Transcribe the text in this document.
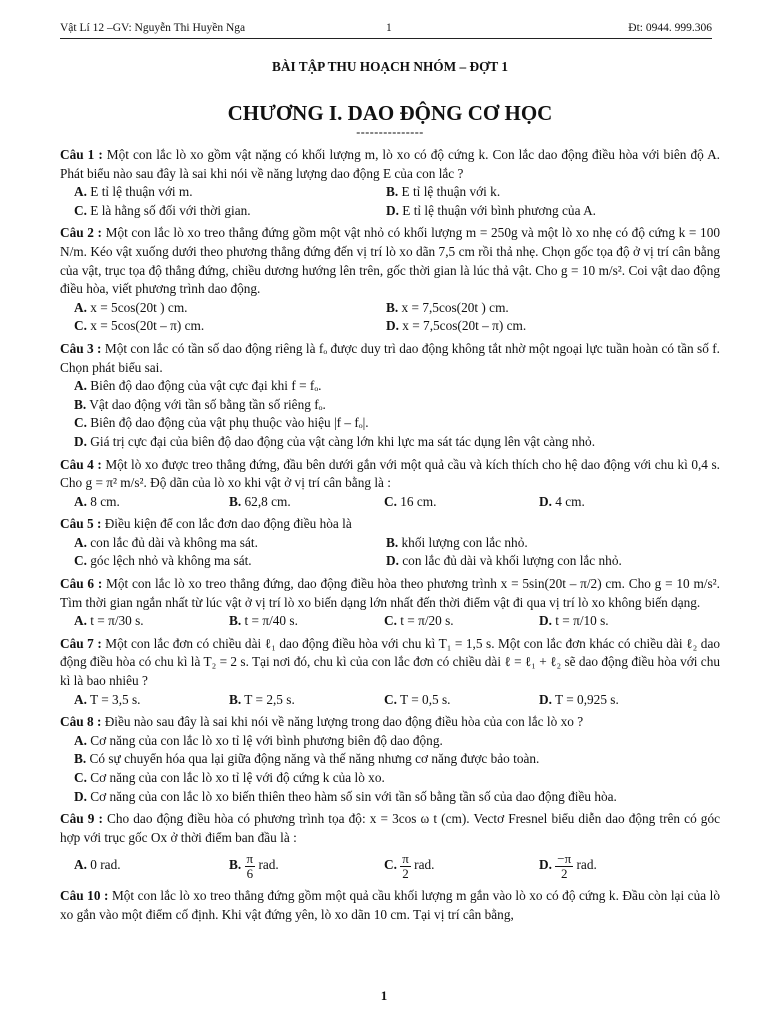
Vật Lí 12 –GV: Nguyễn Thi Huyền Nga	1	Đt: 0944. 999.306
BÀI TẬP THU HOẠCH NHÓM – ĐỢT 1
CHƯƠNG I. DAO ĐỘNG CƠ HỌC
---------------

Câu 1 : Một con lắc lò xo gồm vật nặng có khối lượng m, lò xo có độ cứng k. Con lắc dao động điều hòa với biên độ A. Phát biểu nào sau đây là sai khi nói về năng lượng dao động E của con lắc ?

A. E tỉ lệ thuận với m.	B. E tỉ lệ thuận với k.
C. E là hằng số đối với thời gian.	D. E tỉ lệ thuận với bình phương của A.

Câu 2 : Một con lắc lò xo treo thẳng đứng gồm một vật nhỏ có khối lượng m = 250g và một lò xo nhẹ có độ cứng k = 100 N/m. Kéo vật xuống dưới theo phương thẳng đứng đến vị trí lò xo dãn 7,5 cm rồi thả nhẹ. Chọn gốc tọa độ ở vị trí cân bằng của vật, trục tọa độ thẳng đứng, chiều dương hướng lên trên, gốc thời gian là lúc thả vật. Cho g = 10 m/s². Coi vật dao động điều hòa, viết phương trình dao động.

A. x = 5cos(20t ) cm.	B. x = 7,5cos(20t ) cm.
C. x = 5cos(20t – π) cm.	D. x = 7,5cos(20t – π) cm.

Câu 3 : Một con lắc có tần số dao động riêng là fₒ được duy trì dao động không tắt nhờ một ngoại lực tuần hoàn có tần số f. Chọn phát biểu sai.

A. Biên độ dao động của vật cực đại khi f = fₒ.
B. Vật dao động với tần số bằng tần số riêng fₒ.
C. Biên độ dao động của vật phụ thuộc vào hiệu |f – fₒ|.
D. Giá trị cực đại của biên độ dao động của vật càng lớn khi lực ma sát tác dụng lên vật càng nhỏ.

Câu 4 : Một lò xo được treo thẳng đứng, đầu bên dưới gắn với một quả cầu và kích thích cho hệ dao động với chu kì 0,4 s. Cho g = π² m/s². Độ dãn của lò xo khi vật ở vị trí cân bằng là :

A. 8 cm.	B. 62,8 cm.	C. 16 cm.	D. 4 cm.

Câu 5 : Điều kiện để con lắc đơn dao động điều hòa là

A. con lắc đủ dài và không ma sát.	B. khối lượng con lắc nhỏ.
C. góc lệch nhỏ và không ma sát.	D. con lắc đủ dài và khối lượng con lắc nhỏ.

Câu 6 : Một con lắc lò xo treo thẳng đứng, dao động điều hòa theo phương trình x = 5sin(20t – π/2) cm. Cho g = 10 m/s². Tìm thời gian ngắn nhất từ lúc vật ở vị trí lò xo biến dạng lớn nhất đến thời điểm vật đi qua vị trí lò xo không biến dạng.

A. t = π/30 s.	B. t = π/40 s.	C. t = π/20 s.	D. t = π/10 s.

Câu 7 : Một con lắc đơn có chiều dài ℓ₁ dao động điều hòa với chu kì T₁ = 1,5 s. Một con lắc đơn khác có chiều dài ℓ₂ dao động điều hòa có chu kì là T₂ = 2 s. Tại nơi đó, chu kì của con lắc đơn có chiều dài ℓ = ℓ₁ + ℓ₂ sẽ dao động điều hòa với chu kì là bao nhiêu ?

A. T = 3,5 s.	B. T = 2,5 s.	C. T = 0,5 s.	D. T = 0,925 s.

Câu 8 : Điều nào sau đây là sai khi nói về năng lượng trong dao động điều hòa của con lắc lò xo ?

A. Cơ năng của con lắc lò xo tỉ lệ với bình phương biên độ dao động.
B. Có sự chuyển hóa qua lại giữa động năng và thế năng nhưng cơ năng được bảo toàn.
C. Cơ năng của con lắc lò xo tỉ lệ với độ cứng k của lò xo.
D. Cơ năng của con lắc lò xo biến thiên theo hàm số sin với tần số bằng tần số của dao động điều hòa.

Câu 9 : Cho dao động điều hòa có phương trình tọa độ: x = 3cos ω t (cm). Vectơ Fresnel biểu diễn dao động trên có góc hợp với trục gốc Ox ở thời điểm ban đầu là :

A. 0 rad.	B. $\frac{\pi}{6}$ rad.	C. $\frac{\pi}{2}$ rad.	D. $\frac{-\pi}{2}$ rad.

Câu 10 : Một con lắc lò xo treo thẳng đứng gồm một quả cầu khối lượng m gắn vào lò xo có độ cứng k. Đầu còn lại của lò xo gắn vào một điểm cố định. Khi vật đứng yên, lò xo dãn 10 cm. Tại vị trí cân bằng,

1
